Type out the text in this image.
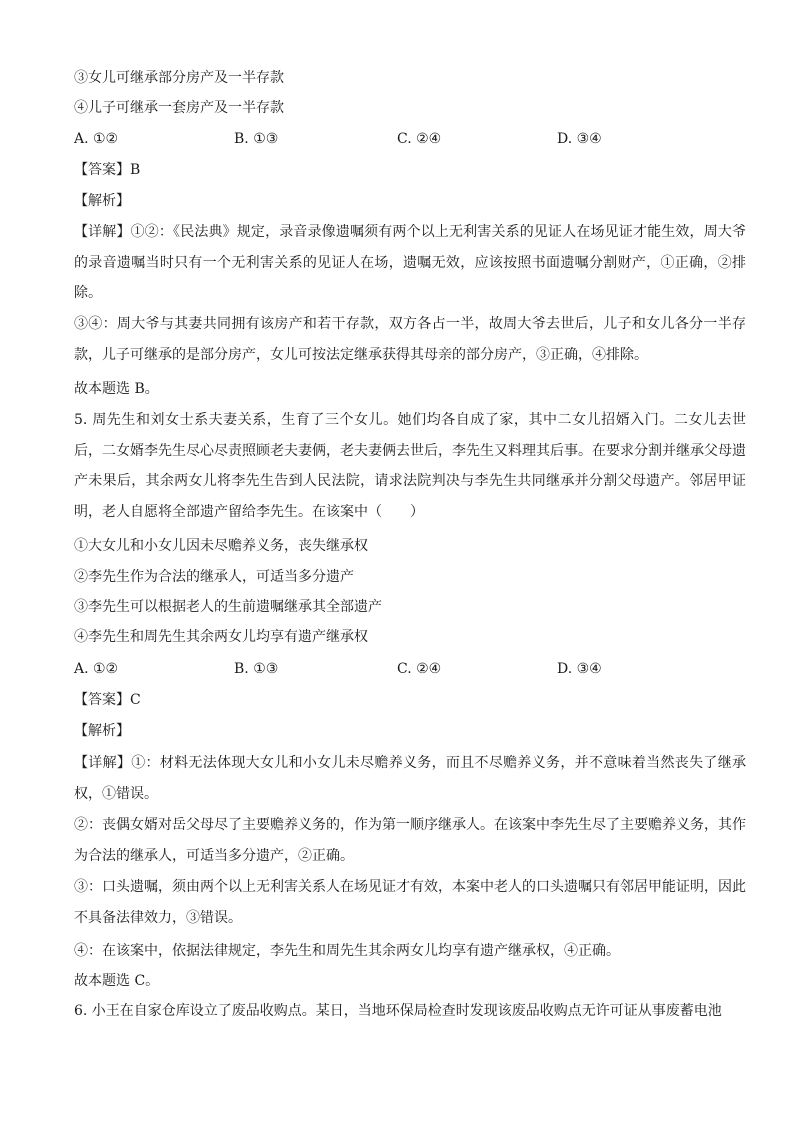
③女儿可继承部分房产及一半存款
④儿子可继承一套房产及一半存款
A. ①②	B. ①③	C. ②④	D. ③④
【答案】B
【解析】
【详解】①②：《民法典》规定，录音录像遗嘱须有两个以上无利害关系的见证人在场见证才能生效，周大爷的录音遗嘱当时只有一个无利害关系的见证人在场，遗嘱无效，应该按照书面遗嘱分割财产，①正确，②排除。
③④：周大爷与其妻共同拥有该房产和若干存款，双方各占一半，故周大爷去世后，儿子和女儿各分一半存款，儿子可继承的是部分房产，女儿可按法定继承获得其母亲的部分房产，③正确，④排除。
故本题选 B。
5. 周先生和刘女士系夫妻关系，生育了三个女儿。她们均各自成了家，其中二女儿招婿入门。二女儿去世后，二女婿李先生尽心尽责照顾老夫妻俩，老夫妻俩去世后，李先生又料理其后事。在要求分割并继承父母遗产未果后，其余两女儿将李先生告到人民法院，请求法院判决与李先生共同继承并分割父母遗产。邻居甲证明，老人自愿将全部遗产留给李先生。在该案中（　　）
①大女儿和小女儿因未尽赡养义务，丧失继承权
②李先生作为合法的继承人，可适当多分遗产
③李先生可以根据老人的生前遗嘱继承其全部遗产
④李先生和周先生其余两女儿均享有遗产继承权
A. ①②	B. ①③	C. ②④	D. ③④
【答案】C
【解析】
【详解】①：材料无法体现大女儿和小女儿未尽赡养义务，而且不尽赡养义务，并不意味着当然丧失了继承权，①错误。
②：丧偶女婿对岳父母尽了主要赡养义务的，作为第一顺序继承人。在该案中李先生尽了主要赡养义务，其作为合法的继承人，可适当多分遗产，②正确。
③：口头遗嘱，须由两个以上无利害关系人在场见证才有效，本案中老人的口头遗嘱只有邻居甲能证明，因此不具备法律效力，③错误。
④：在该案中，依据法律规定，李先生和周先生其余两女儿均享有遗产继承权，④正确。
故本题选 C。
6. 小王在自家仓库设立了废品收购点。某日，当地环保局检查时发现该废品收购点无许可证从事废蓄电池
